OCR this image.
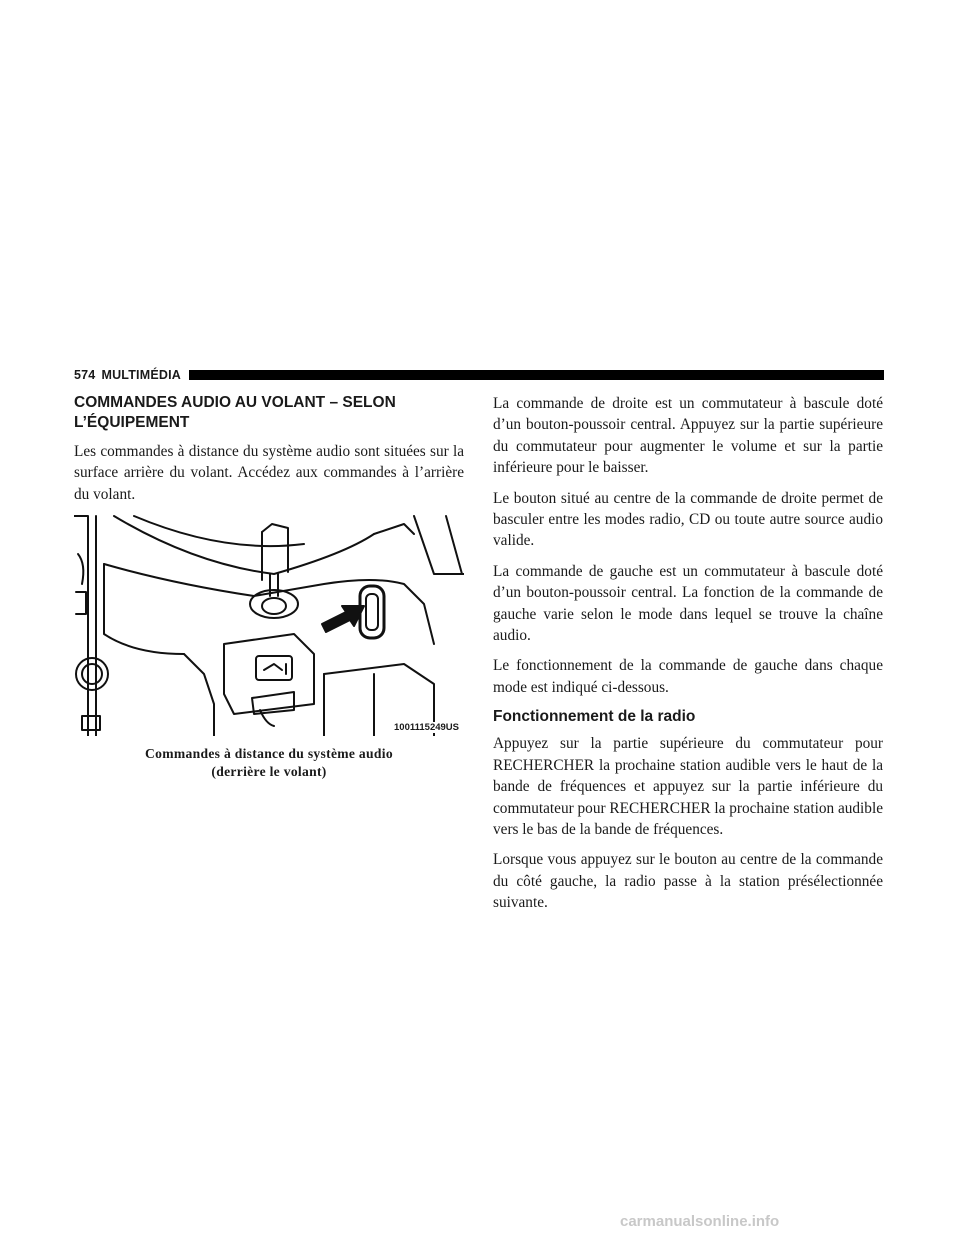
574 MULTIMÉDIA
COMMANDES AUDIO AU VOLANT – SELON L’ÉQUIPEMENT

Les commandes à distance du système audio sont situées sur la surface arrière du volant. Accédez aux commandes à l’arrière du volant.

1001115249US
Commandes à distance du système audio
(derrière le volant)

La commande de droite est un commutateur à bascule doté d’un bouton-poussoir central. Appuyez sur la partie supérieure du commutateur pour augmenter le volume et sur la partie inférieure pour le baisser.

Le bouton situé au centre de la commande de droite permet de basculer entre les modes radio, CD ou toute autre source audio valide.

La commande de gauche est un commutateur à bascule doté d’un bouton-poussoir central. La fonction de la commande de gauche varie selon le mode dans lequel se trouve la chaîne audio.

Le fonctionnement de la commande de gauche dans chaque mode est indiqué ci-dessous.

Fonctionnement de la radio

Appuyez sur la partie supérieure du commutateur pour RECHERCHER la prochaine station audible vers le haut de la bande de fréquences et appuyez sur la partie inférieure du commutateur pour RECHERCHER la prochaine station audible vers le bas de la bande de fréquences.

Lorsque vous appuyez sur le bouton au centre de la commande du côté gauche, la radio passe à la station présélectionnée suivante.

carmanualsonline.info
